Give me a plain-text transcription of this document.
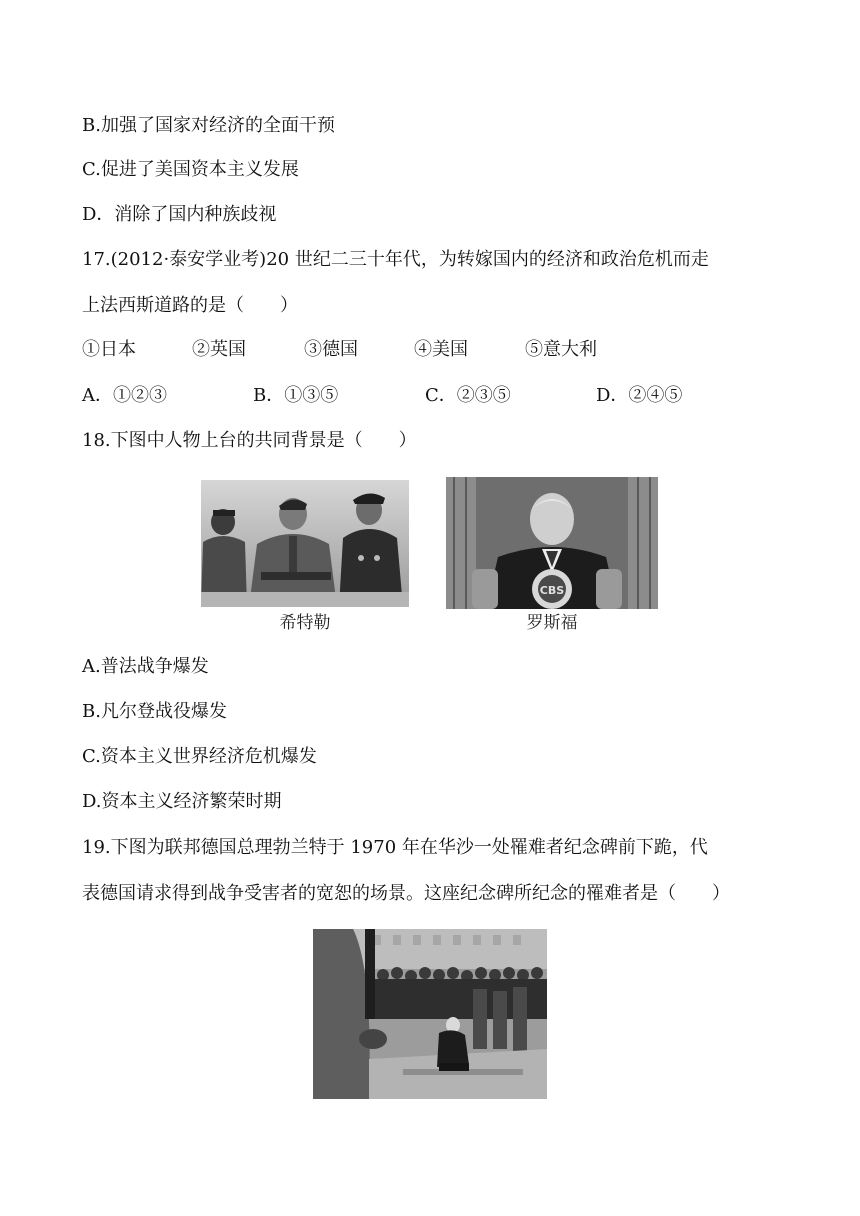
B.加强了国家对经济的全面干预
C.促进了美国资本主义发展
D．消除了国内种族歧视
17.(2012·泰安学业考)20 世纪二三十年代，为转嫁国内的经济和政治危机而走
上法西斯道路的是（　　）
①日本	②英国	③德国	④美国	⑤意大利
A．①②③	B．①③⑤	C．②③⑤	D．②④⑤
18.下图中人物上台的共同背景是（　　）
希特勒
CBS
罗斯福
A.普法战争爆发
B.凡尔登战役爆发
C.资本主义世界经济危机爆发
D.资本主义经济繁荣时期
19.下图为联邦德国总理勃兰特于 1970 年在华沙一处罹难者纪念碑前下跪，代
表德国请求得到战争受害者的宽恕的场景。这座纪念碑所纪念的罹难者是（　　）
